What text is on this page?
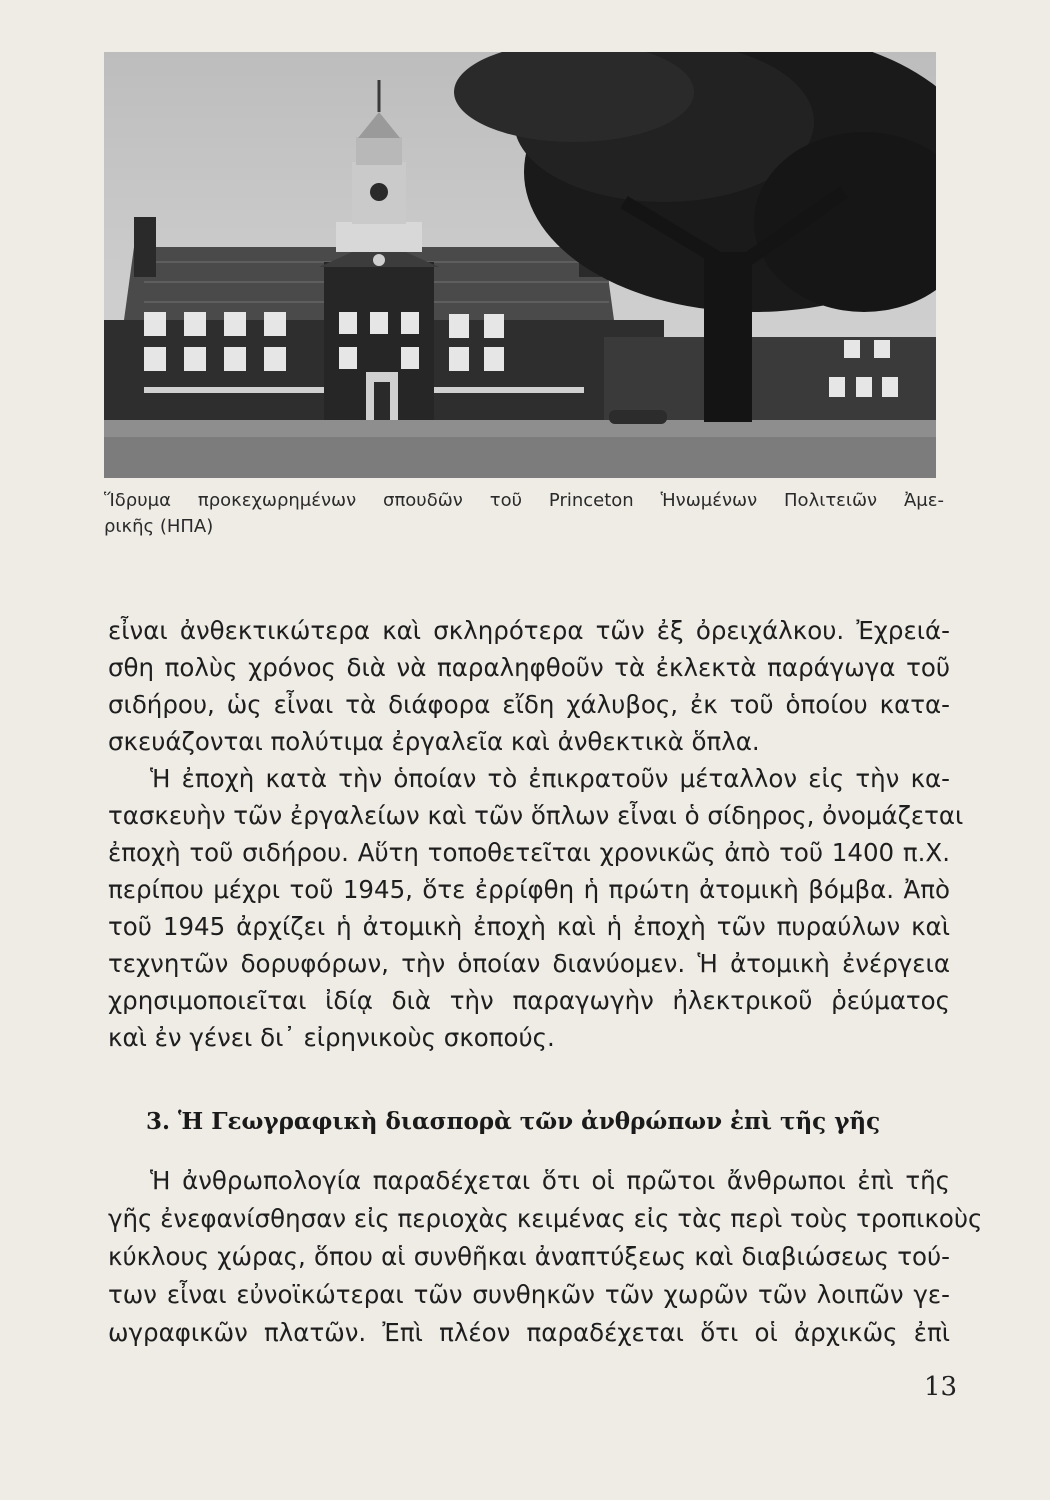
Ἵδρυμα προκεχωρημένων σπουδῶν τοῦ Princeton Ἡνωμένων Πολιτειῶν Ἀμε-
ρικῆς (ΗΠΑ)
εἶναι ἀνθεκτικώτερα καὶ σκληρότερα τῶν ἐξ ὀρειχάλκου. Ἐχρειά-
σθη πολὺς χρόνος διὰ νὰ παραληφθοῦν τὰ ἐκλεκτὰ παράγωγα τοῦ
σιδήρου, ὡς εἶναι τὰ διάφορα εἴδη χάλυβος, ἐκ τοῦ ὁποίου κατα-
σκευάζονται πολύτιμα ἐργαλεῖα καὶ ἀνθεκτικὰ ὅπλα.
Ἡ ἐποχὴ κατὰ τὴν ὁποίαν τὸ ἐπικρατοῦν μέταλλον εἰς τὴν κα-
τασκευὴν τῶν ἐργαλείων καὶ τῶν ὅπλων εἶναι ὁ σίδηρος, ὀνομάζεται
ἐποχὴ τοῦ σιδήρου. Αὕτη τοποθετεῖται χρονικῶς ἀπὸ τοῦ 1400 π.Χ.
περίπου μέχρι τοῦ 1945, ὅτε ἐρρίφθη ἡ πρώτη ἀτομικὴ βόμβα. Ἀπὸ
τοῦ 1945 ἀρχίζει ἡ ἀτομικὴ ἐποχὴ καὶ ἡ ἐποχὴ τῶν πυραύλων καὶ
τεχνητῶν δορυφόρων, τὴν ὁποίαν διανύομεν. Ἡ ἀτομικὴ ἐνέργεια
χρησιμοποιεῖται ἰδίᾳ διὰ τὴν παραγωγὴν ἠλεκτρικοῦ ῥεύματος
καὶ ἐν γένει δι᾽ εἰρηνικοὺς σκοπούς.
3. Ἡ Γεωγραφικὴ διασπορὰ τῶν ἀνθρώπων ἐπὶ τῆς γῆς
Ἡ ἀνθρωπολογία παραδέχεται ὅτι οἱ πρῶτοι ἄνθρωποι ἐπὶ τῆς
γῆς ἐνεφανίσθησαν εἰς περιοχὰς κειμένας εἰς τὰς περὶ τοὺς τροπικοὺς
κύκλους χώρας, ὅπου αἱ συνθῆκαι ἀναπτύξεως καὶ διαβιώσεως τού-
των εἶναι εὐνοϊκώτεραι τῶν συνθηκῶν τῶν χωρῶν τῶν λοιπῶν γε-
ωγραφικῶν πλατῶν. Ἐπὶ πλέον παραδέχεται ὅτι οἱ ἀρχικῶς ἐπὶ
13
